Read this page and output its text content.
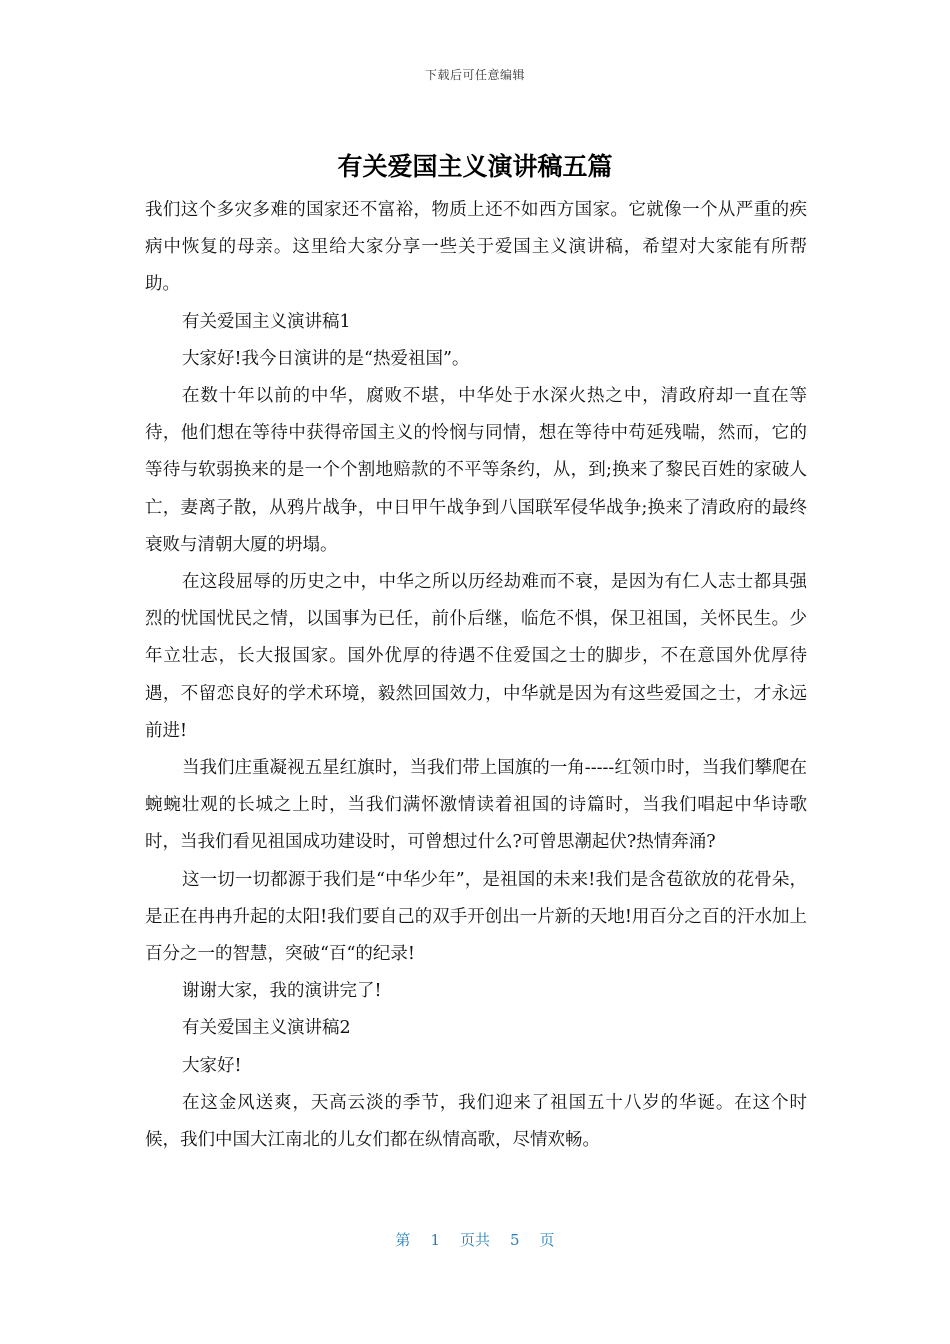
下载后可任意编辑
有关爱国主义演讲稿五篇

我们这个多灾多难的国家还不富裕，物质上还不如西方国家。它就像一个从严重的疾病中恢复的母亲。这里给大家分享一些关于爱国主义演讲稿，希望对大家能有所帮助。

有关爱国主义演讲稿1

大家好!我今日演讲的是“热爱祖国”。

在数十年以前的中华，腐败不堪，中华处于水深火热之中，清政府却一直在等待，他们想在等待中获得帝国主义的怜悯与同情，想在等待中苟延残喘，然而，它的等待与软弱换来的是一个个割地赔款的不平等条约，从，到;换来了黎民百姓的家破人亡，妻离子散，从鸦片战争，中日甲午战争到八国联军侵华战争;换来了清政府的最终衰败与清朝大厦的坍塌。

在这段屈辱的历史之中，中华之所以历经劫难而不衰，是因为有仁人志士都具强烈的忧国忧民之情，以国事为已任，前仆后继，临危不惧，保卫祖国，关怀民生。少年立壮志，长大报国家。国外优厚的待遇不住爱国之士的脚步，不在意国外优厚待遇，不留恋良好的学术环境，毅然回国效力，中华就是因为有这些爱国之士，才永远前进!

当我们庄重凝视五星红旗时，当我们带上国旗的一角-----红领巾时，当我们攀爬在蜿蜿壮观的长城之上时，当我们满怀激情读着祖国的诗篇时，当我们唱起中华诗歌时，当我们看见祖国成功建设时，可曾想过什么?可曾思潮起伏?热情奔涌?

这一切一切都源于我们是“中华少年”，是祖国的未来!我们是含苞欲放的花骨朵，是正在冉冉升起的太阳!我们要自己的双手开创出一片新的天地!用百分之百的汗水加上百分之一的智慧，突破“百“的纪录!

谢谢大家，我的演讲完了!

有关爱国主义演讲稿2

大家好!

在这金风送爽，天高云淡的季节，我们迎来了祖国五十八岁的华诞。在这个时候，我们中国大江南北的儿女们都在纵情高歌，尽情欢畅。

第 1 页共 5 页
